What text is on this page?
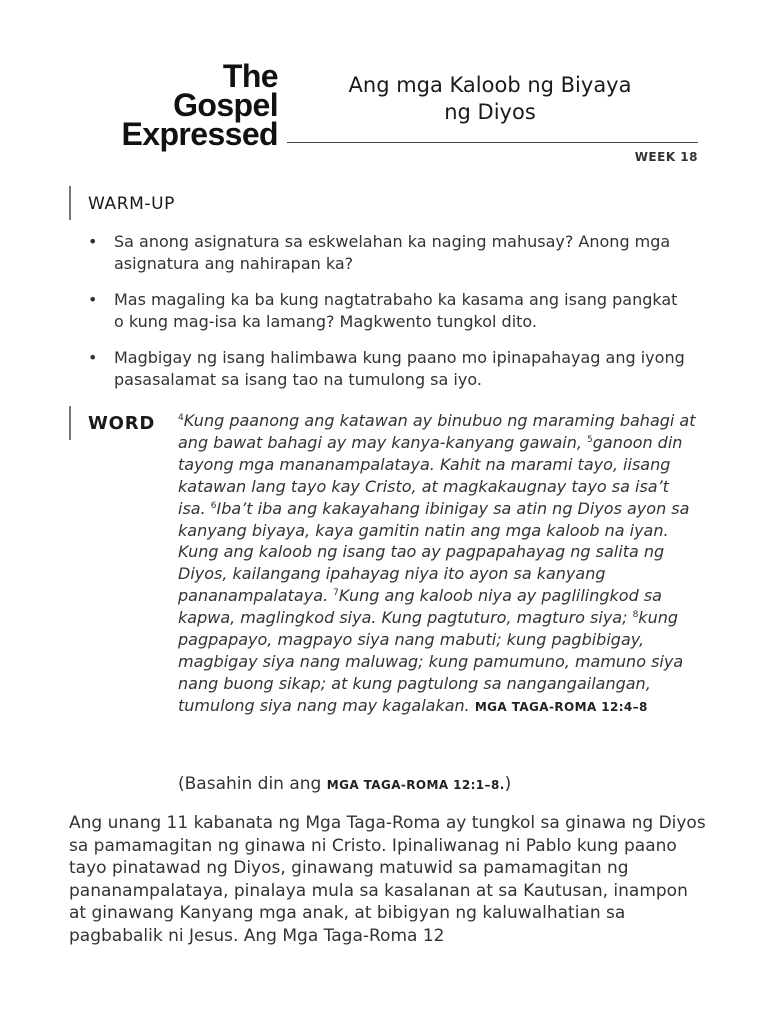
The
Gospel
Expressed
Ang mga Kaloob ng Biyaya
ng Diyos
WEEK 18
WARM-UP
• Sa anong asignatura sa eskwelahan ka naging mahusay? Anong mga asignatura ang nahirapan ka?
• Mas magaling ka ba kung nagtatrabaho ka kasama ang isang pangkat o kung mag-isa ka lamang? Magkwento tungkol dito.
• Magbigay ng isang halimbawa kung paano mo ipinapahayag ang iyong pasasalamat sa isang tao na tumulong sa iyo.
WORD	$^4$Kung paanong ang katawan ay binubuo ng maraming bahagi at ang bawat bahagi ay may kanya-kanyang gawain, $^5$ganoon din tayong mga mananampalataya. Kahit na marami tayo, iisang katawan lang tayo kay Cristo, at magkakaugnay tayo sa isa’t isa. $^6$Iba’t iba ang kakayahang ibinigay sa atin ng Diyos ayon sa kanyang biyaya, kaya gamitin natin ang mga kaloob na iyan. Kung ang kaloob ng isang tao ay pagpapahayag ng salita ng Diyos, kailangang ipahayag niya ito ayon sa kanyang pananampalataya. $^7$Kung ang kaloob niya ay paglilingkod sa kapwa, maglingkod siya. Kung pagtuturo, magturo siya; $^8$kung pagpapayo, magpayo siya nang mabuti; kung pagbibigay, magbigay siya nang maluwag; kung pamumuno, mamuno siya nang buong sikap; at kung pagtulong sa nangangailangan, tumulong siya nang may kagalakan. MGA TAGA-ROMA 12:4–8
(Basahin din ang MGA TAGA-ROMA 12:1–8.)
Ang unang 11 kabanata ng Mga Taga-Roma ay tungkol sa ginawa ng Diyos sa pamamagitan ng ginawa ni Cristo. Ipinaliwanag ni Pablo kung paano tayo pinatawad ng Diyos, ginawang matuwid sa pamamagitan ng pananampalataya, pinalaya mula sa kasalanan at sa Kautusan, inampon at ginawang Kanyang mga anak, at bibigyan ng kaluwalhatian sa pagbabalik ni Jesus. Ang Mga Taga-Roma 12
